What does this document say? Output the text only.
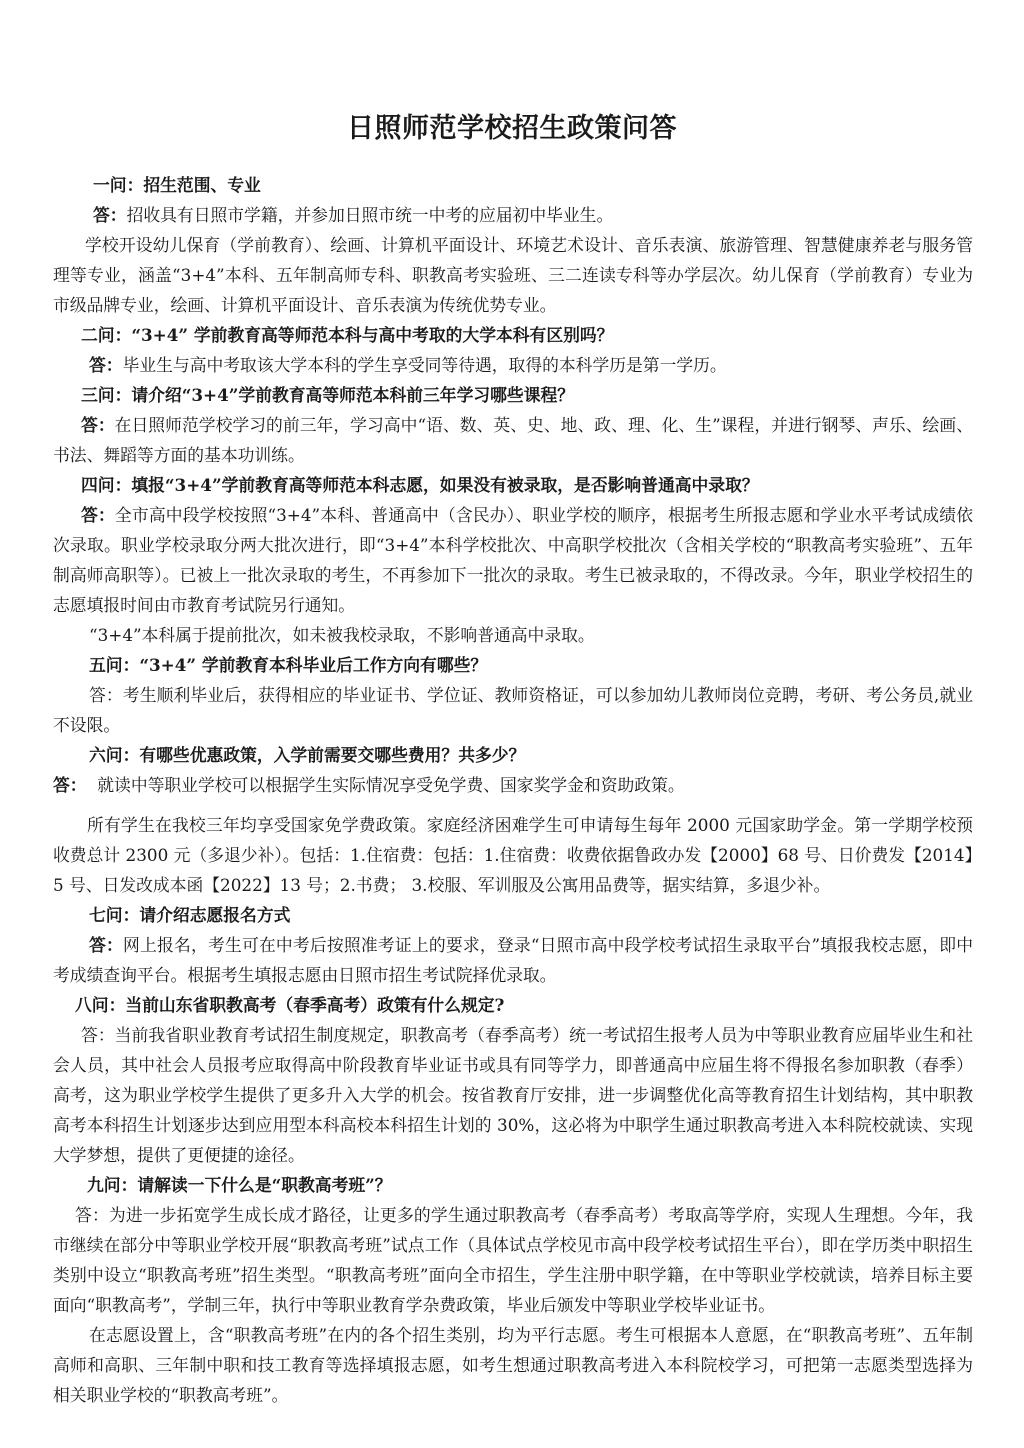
日照师范学校招生政策问答

一问：招生范围、专业

答：招收具有日照市学籍，并参加日照市统一中考的应届初中毕业生。

学校开设幼儿保育（学前教育）、绘画、计算机平面设计、环境艺术设计、音乐表演、旅游管理、智慧健康养老与服务管理等专业，涵盖“3+4”本科、五年制高师专科、职教高考实验班、三二连读专科等办学层次。幼儿保育（学前教育）专业为市级品牌专业，绘画、计算机平面设计、音乐表演为传统优势专业。

二问：“3+4” 学前教育高等师范本科与高中考取的大学本科有区别吗？

答：毕业生与高中考取该大学本科的学生享受同等待遇，取得的本科学历是第一学历。

三问：请介绍“3+4”学前教育高等师范本科前三年学习哪些课程？

答：在日照师范学校学习的前三年，学习高中“语、数、英、史、地、政、理、化、生”课程，并进行钢琴、声乐、绘画、书法、舞蹈等方面的基本功训练。

四问：填报“3+4”学前教育高等师范本科志愿，如果没有被录取，是否影响普通高中录取？

答：全市高中段学校按照“3+4”本科、普通高中（含民办）、职业学校的顺序，根据考生所报志愿和学业水平考试成绩依次录取。职业学校录取分两大批次进行，即“3+4”本科学校批次、中高职学校批次（含相关学校的“职教高考实验班”、五年制高师高职等）。已被上一批次录取的考生，不再参加下一批次的录取。考生已被录取的，不得改录。今年，职业学校招生的志愿填报时间由市教育考试院另行通知。

“3+4”本科属于提前批次，如未被我校录取，不影响普通高中录取。

五问：“3+4” 学前教育本科毕业后工作方向有哪些？

答：考生顺利毕业后，获得相应的毕业证书、学位证、教师资格证，可以参加幼儿教师岗位竞聘，考研、考公务员,就业不设限。

六问：有哪些优惠政策，入学前需要交哪些费用？共多少？

答： 就读中等职业学校可以根据学生实际情况享受免学费、国家奖学金和资助政策。

所有学生在我校三年均享受国家免学费政策。家庭经济困难学生可申请每生每年 2000 元国家助学金。第一学期学校预收费总计 2300 元（多退少补）。包括：1.住宿费：包括：1.住宿费：收费依据鲁政办发【2000】68 号、日价费发【2014】5 号、日发改成本函【2022】13 号；2.书费； 3.校服、军训服及公寓用品费等，据实结算，多退少补。

七问：请介绍志愿报名方式

答：网上报名，考生可在中考后按照准考证上的要求，登录“日照市高中段学校考试招生录取平台”填报我校志愿，即中考成绩查询平台。根据考生填报志愿由日照市招生考试院择优录取。

八问：当前山东省职教高考（春季高考）政策有什么规定?

答：当前我省职业教育考试招生制度规定，职教高考（春季高考）统一考试招生报考人员为中等职业教育应届毕业生和社会人员，其中社会人员报考应取得高中阶段教育毕业证书或具有同等学力，即普通高中应届生将不得报名参加职教（春季）高考，这为职业学校学生提供了更多升入大学的机会。按省教育厅安排，进一步调整优化高等教育招生计划结构，其中职教高考本科招生计划逐步达到应用型本科高校本科招生计划的 30%，这必将为中职学生通过职教高考进入本科院校就读、实现大学梦想，提供了更便捷的途径。

九问：请解读一下什么是“职教高考班”？

答：为进一步拓宽学生成长成才路径，让更多的学生通过职教高考（春季高考）考取高等学府，实现人生理想。今年，我市继续在部分中等职业学校开展“职教高考班”试点工作（具体试点学校见市高中段学校考试招生平台），即在学历类中职招生类别中设立“职教高考班”招生类型。“职教高考班”面向全市招生，学生注册中职学籍，在中等职业学校就读，培养目标主要面向“职教高考”，学制三年，执行中等职业教育学杂费政策，毕业后颁发中等职业学校毕业证书。

在志愿设置上，含“职教高考班”在内的各个招生类别，均为平行志愿。考生可根据本人意愿，在“职教高考班”、五年制高师和高职、三年制中职和技工教育等选择填报志愿，如考生想通过职教高考进入本科院校学习，可把第一志愿类型选择为相关职业学校的“职教高考班”。
